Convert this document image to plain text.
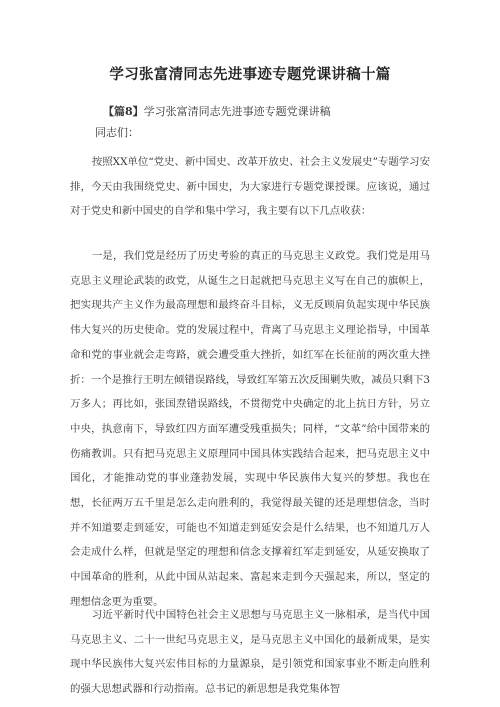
学习张富清同志先进事迹专题党课讲稿十篇
【篇8】学习张富清同志先进事迹专题党课讲稿
同志们：

按照XX单位“党史、新中国史、改革开放史、社会主义发展史”专题学习安排，今天由我围绕党史、新中国史，为大家进行专题党课授课。应该说，通过对于党史和新中国史的自学和集中学习，我主要有以下几点收获：

一是，我们党是经历了历史考验的真正的马克思主义政党。我们党是用马克思主义理论武装的政党，从诞生之日起就把马克思主义写在自己的旗帜上，把实现共产主义作为最高理想和最终奋斗目标，义无反顾肩负起实现中华民族伟大复兴的历史使命。党的发展过程中，背离了马克思主义理论指导，中国革命和党的事业就会走弯路，就会遭受重大挫折，如红军在长征前的两次重大挫折：一个是推行王明左倾错误路线，导致红军第五次反围剿失败，减员只剩下3万多人；再比如，张国焘错误路线，不贯彻党中央确定的北上抗日方针，另立中央，执意南下，导致红四方面军遭受残重损失；同样，“文革”给中国带来的伤痛教训。只有把马克思主义原理同中国具体实践结合起来，把马克思主义中国化，才能推动党的事业蓬勃发展，实现中华民族伟大复兴的梦想。我也在想，长征两万五千里是怎么走向胜利的，我觉得最关键的还是理想信念，当时并不知道要走到延安，可能也不知道走到延安会是什么结果，也不知道几万人会走成什么样，但就是坚定的理想和信念支撑着红军走到延安，从延安换取了中国革命的胜利，从此中国从站起来、富起来走到今天强起来，所以，坚定的理想信念更为重要。

习近平新时代中国特色社会主义思想与马克思主义一脉相承，是当代中国马克思主义、二十一世纪马克思主义，是马克思主义中国化的最新成果，是实现中华民族伟大复兴宏伟目标的力量源泉，是引领党和国家事业不断走向胜利的强大思想武器和行动指南。总书记的新思想是我党集体智
